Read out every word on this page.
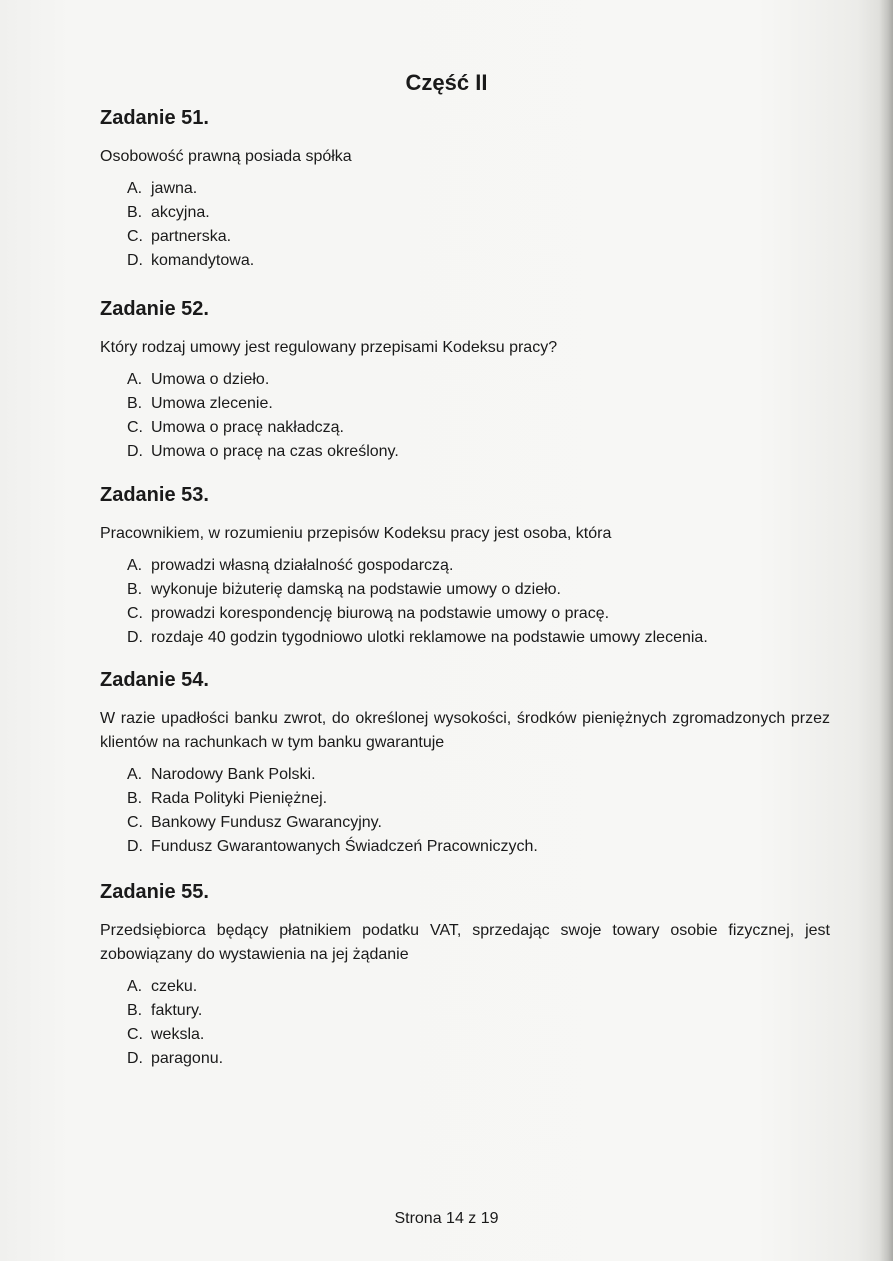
Część II
Zadanie 51.
Osobowość prawną posiada spółka
A. jawna.
B. akcyjna.
C. partnerska.
D. komandytowa.
Zadanie 52.
Który rodzaj umowy jest regulowany przepisami Kodeksu pracy?
A. Umowa o dzieło.
B. Umowa zlecenie.
C. Umowa o pracę nakładczą.
D. Umowa o pracę na czas określony.
Zadanie 53.
Pracownikiem, w rozumieniu przepisów Kodeksu pracy jest osoba, która
A. prowadzi własną działalność gospodarczą.
B. wykonuje biżuterię damską na podstawie umowy o dzieło.
C. prowadzi korespondencję biurową na podstawie umowy o pracę.
D. rozdaje 40 godzin tygodniowo ulotki reklamowe na podstawie umowy zlecenia.
Zadanie 54.
W razie upadłości banku zwrot, do określonej wysokości, środków pieniężnych zgromadzonych przez klientów na rachunkach w tym banku gwarantuje
A. Narodowy Bank Polski.
B. Rada Polityki Pieniężnej.
C. Bankowy Fundusz Gwarancyjny.
D. Fundusz Gwarantowanych Świadczeń Pracowniczych.
Zadanie 55.
Przedsiębiorca będący płatnikiem podatku VAT, sprzedając swoje towary osobie fizycznej, jest zobowiązany do wystawienia na jej żądanie
A. czeku.
B. faktury.
C. weksla.
D. paragonu.
Strona 14 z 19
